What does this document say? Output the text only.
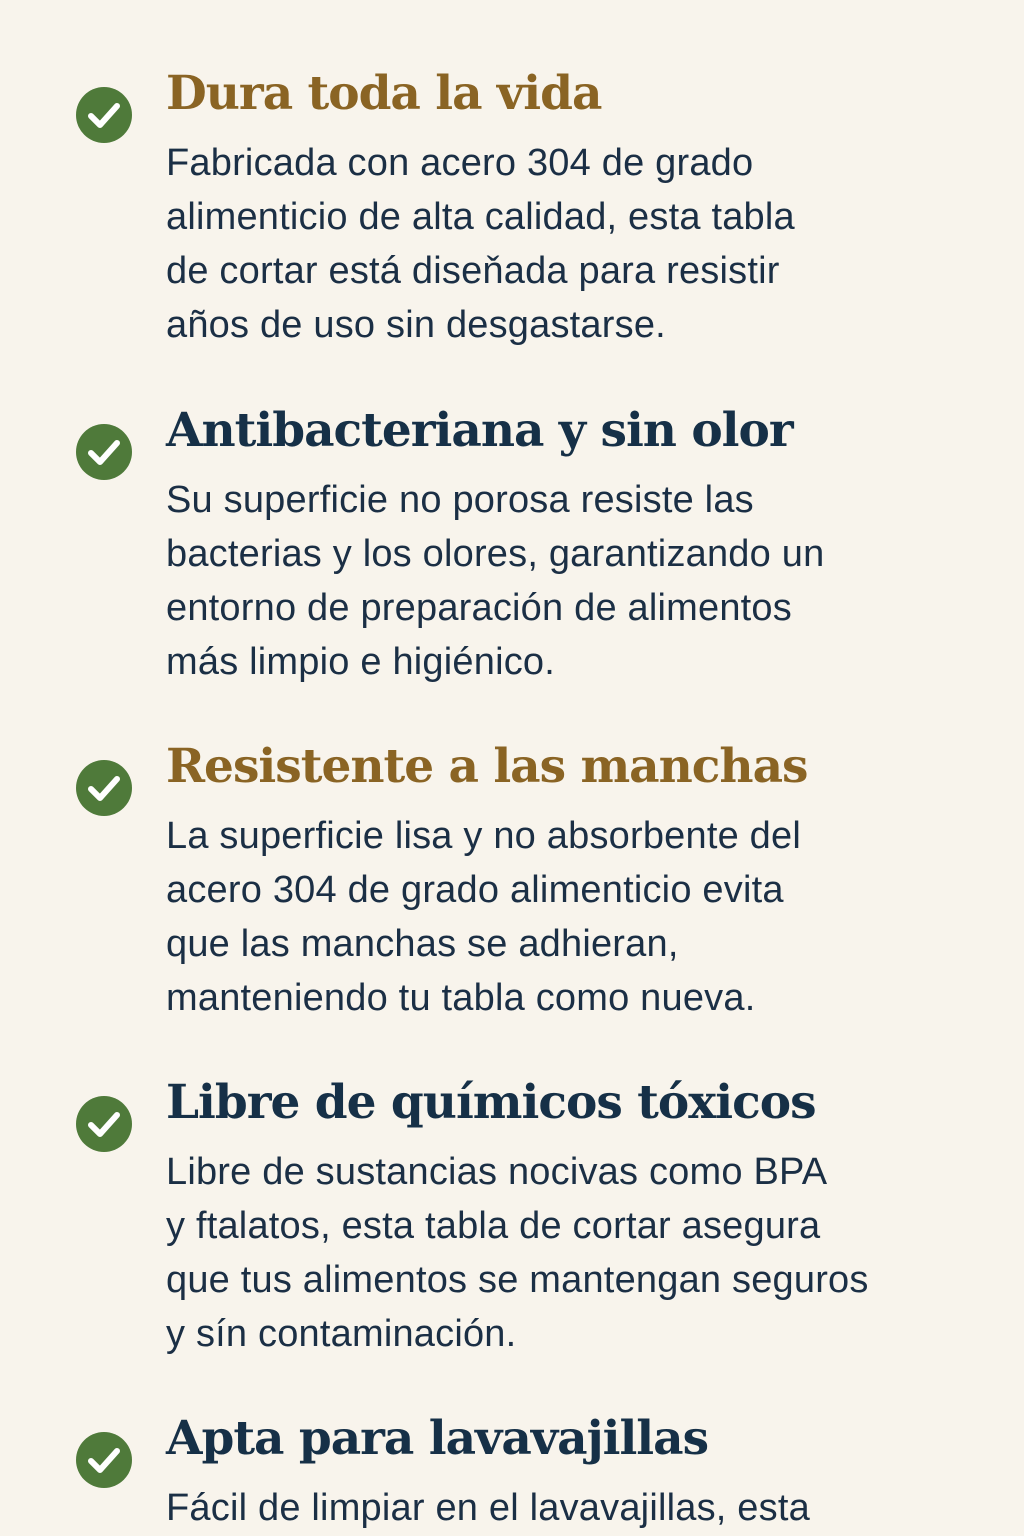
Dura toda la vida

Fabricada con acero 304 de grado
alimenticio de alta calidad, esta tabla
de cortar está diseňada para resistir
años de uso sin desgastarse.

Antibacteriana y sin olor

Su superficie no porosa resiste las
bacterias y los olores, garantizando un
entorno de preparación de alimentos
más limpio e higiénico.

Resistente a las manchas

La superficie lisa y no absorbente del
acero 304 de grado alimenticio evita
que las manchas se adhieran,
manteniendo tu tabla como nueva.

Libre de químicos tóxicos

Libre de sustancias nocivas como BPA
y ftalatos, esta tabla de cortar asegura
que tus alimentos se mantengan seguros
y sín contaminación.

Apta para lavavajillas

Fácil de limpiar en el lavavajillas, esta
